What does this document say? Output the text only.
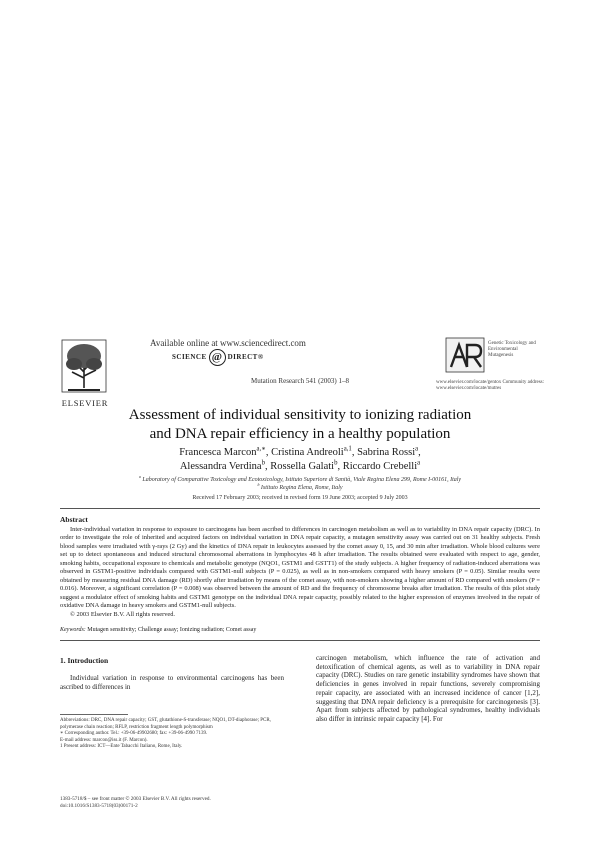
ELSEVIER
Available online at www.sciencedirect.com
SCIENCE @ DIRECT®
Mutation Research 541 (2003) 1–8
Genetic Toxicology and Environmental Mutagenesis
www.elsevier.com/locate/gentox Community address: www.elsevier.com/locate/mutres
Assessment of individual sensitivity to ionizing radiation
and DNA repair efficiency in a healthy population
Francesca Marcon$^{a,∗}$, Cristina Andreoli$^{a,1}$, Sabrina Rossi$^a$,
Alessandra Verdina$^b$, Rossella Galati$^b$, Riccardo Crebelli$^a$
$^a$ Laboratory of Comparative Toxicology and Ecotoxicology, Istituto Superiore di Sanità, Viale Regina Elena 299, Rome I-00161, Italy
$^b$ Istituto Regina Elena, Rome, Italy
Received 17 February 2003; received in revised form 19 June 2003; accepted 9 July 2003
Abstract
Inter-individual variation in response to exposure to carcinogens has been ascribed to differences in carcinogen metabolism as well as to variability in DNA repair capacity (DRC). In order to investigate the role of inherited and acquired factors on individual variation in DNA repair capacity, a mutagen sensitivity assay was carried out on 31 healthy subjects. Fresh blood samples were irradiated with γ-rays (2 Gy) and the kinetics of DNA repair in leukocytes assessed by the comet assay 0, 15, and 30 min after irradiation. Whole blood cultures were set up to detect spontaneous and induced structural chromosomal aberrations in lymphocytes 48 h after irradiation. The results obtained were evaluated with respect to age, gender, smoking habits, occupational exposure to chemicals and metabolic genotype (NQO1, GSTM1 and GSTT1) of the study subjects. A higher frequency of radiation-induced aberrations was observed in GSTM1-positive individuals compared with GSTM1-null subjects (P = 0.025), as well as in non-smokers compared with heavy smokers (P = 0.05). Similar results were obtained by measuring residual DNA damage (RD) shortly after irradiation by means of the comet assay, with non-smokers showing a higher amount of RD compared with smokers (P = 0.016). Moreover, a significant correlation (P = 0.008) was observed between the amount of RD and the frequency of chromosome breaks after irradiation. The results of this pilot study suggest a modulator effect of smoking habits and GSTM1 genotype on the individual DNA repair capacity, possibly related to the higher expression of enzymes involved in the repair of oxidative DNA damage in heavy smokers and GSTM1-null subjects.
© 2003 Elsevier B.V. All rights reserved.
Keywords: Mutagen sensitivity; Challenge assay; Ionizing radiation; Comet assay
1. Introduction
Individual variation in response to environmental carcinogens has been ascribed to differences in
carcinogen metabolism, which influence the rate of activation and detoxification of chemical agents, as well as to variability in DNA repair capacity (DRC). Studies on rare genetic instability syndromes have shown that deficiencies in genes involved in repair functions, severely compromising repair capacity, are associated with an increased incidence of cancer [1,2], suggesting that DNA repair deficiency is a prerequisite for carcinogenesis [3]. Apart from subjects affected by pathological syndromes, healthy individuals also differ in intrinsic repair capacity [4]. For
Abbreviations: DRC, DNA repair capacity; GST, glutathione-S-transferase; NQO1, DT-diaphorase; PCR, polymerase chain reaction; RFLP, restriction fragment length polymorphism
∗ Corresponding author. Tel.: +39-06-49902680; fax: +39-06-4990 7139.
E-mail address: marcon@iss.it (F. Marcon).
1 Present address: ICT—Ente Tabacchi Italiano, Rome, Italy.
1383-5718/$ – see front matter © 2003 Elsevier B.V. All rights reserved.
doi:10.1016/S1383-5718(03)00171-2
